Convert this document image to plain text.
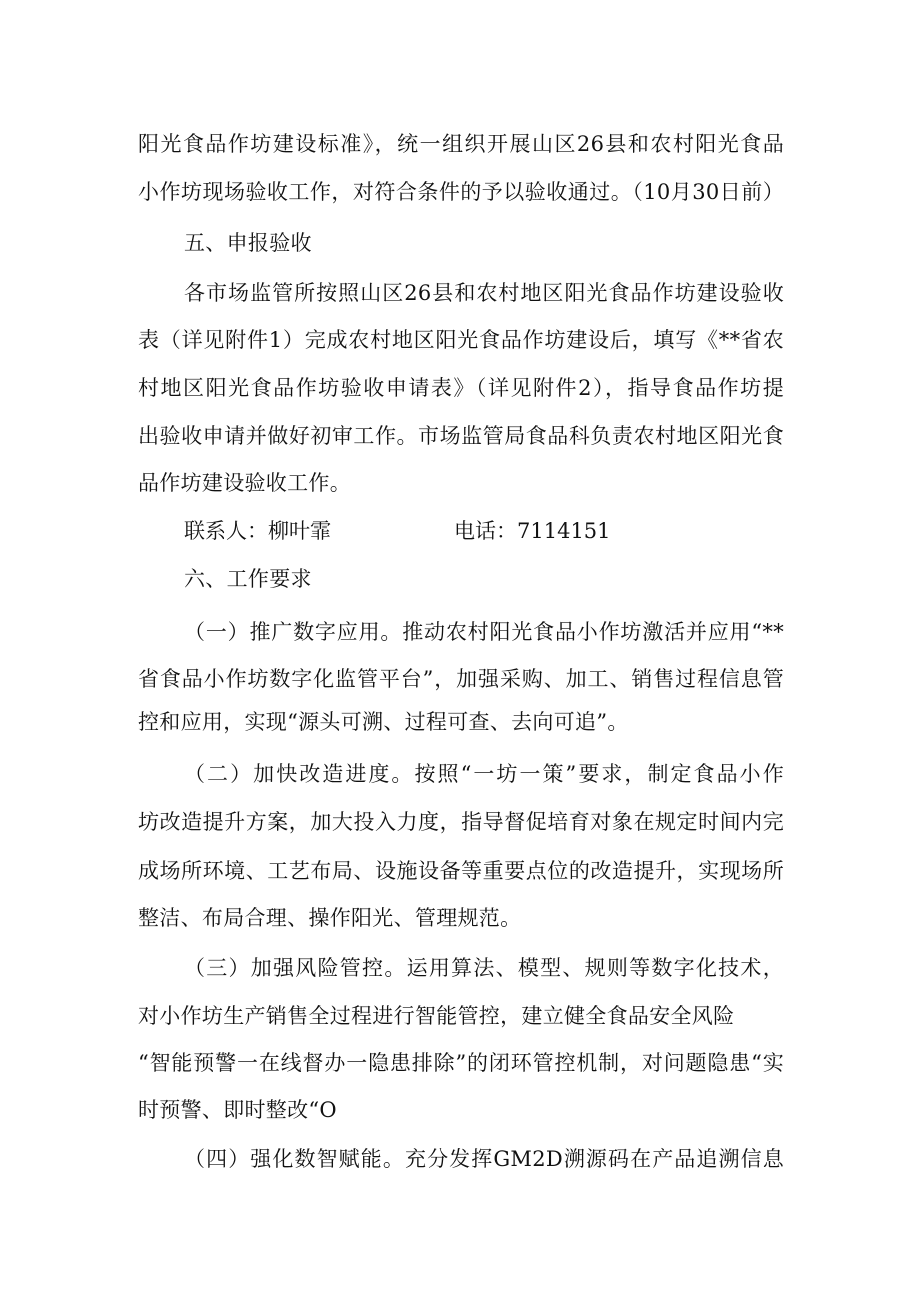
阳光食品作坊建设标准》，统一组织开展山区26县和农村阳光食品
小作坊现场验收工作，对符合条件的予以验收通过。（10月30日前）
五、申报验收
各市场监管所按照山区26县和农村地区阳光食品作坊建设验收
表（详见附件1）完成农村地区阳光食品作坊建设后，填写《**省农
村地区阳光食品作坊验收申请表》（详见附件2），指导食品作坊提
出验收申请并做好初审工作。市场监管局食品科负责农村地区阳光食
品作坊建设验收工作。
联系人：柳叶霏	电话：7114151
六、工作要求
（一）推广数字应用。推动农村阳光食品小作坊激活并应用“**
省食品小作坊数字化监管平台”，加强采购、加工、销售过程信息管
控和应用，实现“源头可溯、过程可查、去向可追”。
（二）加快改造进度。按照“一坊一策”要求，制定食品小作
坊改造提升方案，加大投入力度，指导督促培育对象在规定时间内完
成场所环境、工艺布局、设施设备等重要点位的改造提升，实现场所
整洁、布局合理、操作阳光、管理规范。
（三）加强风险管控。运用算法、模型、规则等数字化技术，
对小作坊生产销售全过程进行智能管控，建立健全食品安全风险
“智能预警一在线督办一隐患排除”的闭环管控机制，对问题隐患“实
时预警、即时整改“O
（四）强化数智赋能。充分发挥GM2D溯源码在产品追溯信息
